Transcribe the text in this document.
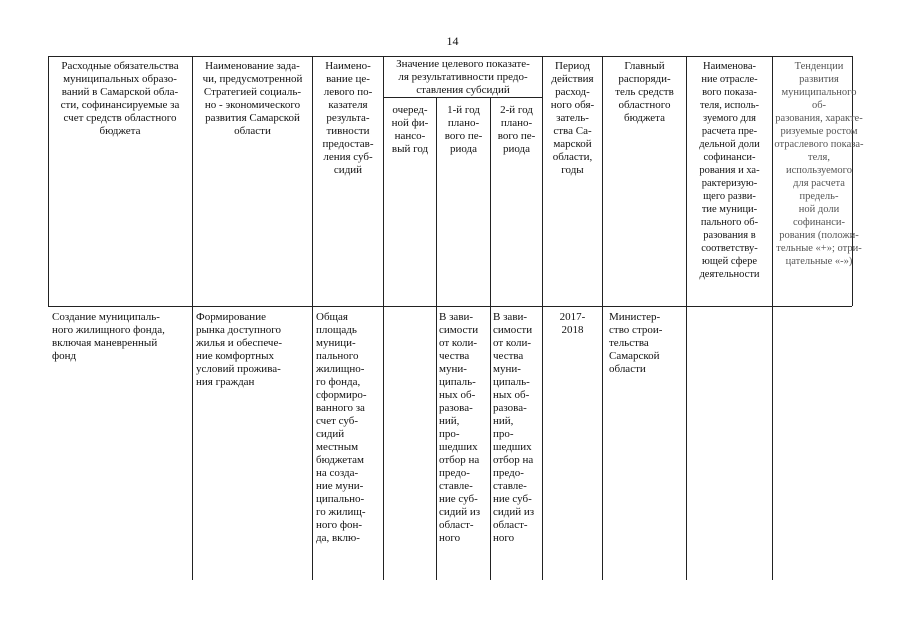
14
Расходные обязательства
муниципальных образо-
ваний в Самарской обла-
сти, софинансируемые за
счет средств областного
бюджета
Наименование зада-
чи, предусмотренной
Стратегией социаль-
но - экономического
развития Самарской
области
Наимено-
вание це-
левого по-
казателя
результа-
тивности
предостав-
ления суб-
сидий
Значение целевого показате-
ля результативности предо-
ставления субсидий
очеред-
ной фи-
нансо-
вый год
1-й год
плано-
вого пе-
риода
2-й год
плано-
вого пе-
риода
Период
действия
расход-
ного обя-
затель-
ства Са-
марской
области,
годы
Главный
распоряди-
тель средств
областного
бюджета
Наименова-
ние отрасле-
вого показа-
теля, исполь-
зуемого для
расчета пре-
дельной доли
софинанси-
рования и ха-
рактеризую-
щего разви-
тие муници-
пального об-
разования в
соответству-
ющей сфере
деятельности
Тенденции развития
муниципального об-
разования, характе-
ризуемые ростом
отраслевого показа-
теля, используемого
для расчета предель-
ной доли софинанси-
рования (положи-
тельные «+»; отри-
цательные «-»)
Создание муниципаль-
ного жилищного фонда,
включая маневренный
фонд
Формирование
рынка доступного
жилья и обеспече-
ние комфортных
условий прожива-
ния граждан
Общая
площадь
муници-
пального
жилищно-
го фонда,
сформиро-
ванного за
счет суб-
сидий
местным
бюджетам
на созда-
ние муни-
ципально-
го жилищ-
ного фон-
да, вклю-
В зави-
симости
от коли-
чества
муни-
ципаль-
ных об-
разова-
ний,
про-
шедших
отбор на
предо-
ставле-
ние суб-
сидий из
област-
ного
В зави-
симости
от коли-
чества
муни-
ципаль-
ных об-
разова-
ний,
про-
шедших
отбор на
предо-
ставле-
ние суб-
сидий из
област-
ного
2017-
2018
Министер-
ство строи-
тельства
Самарской
области
